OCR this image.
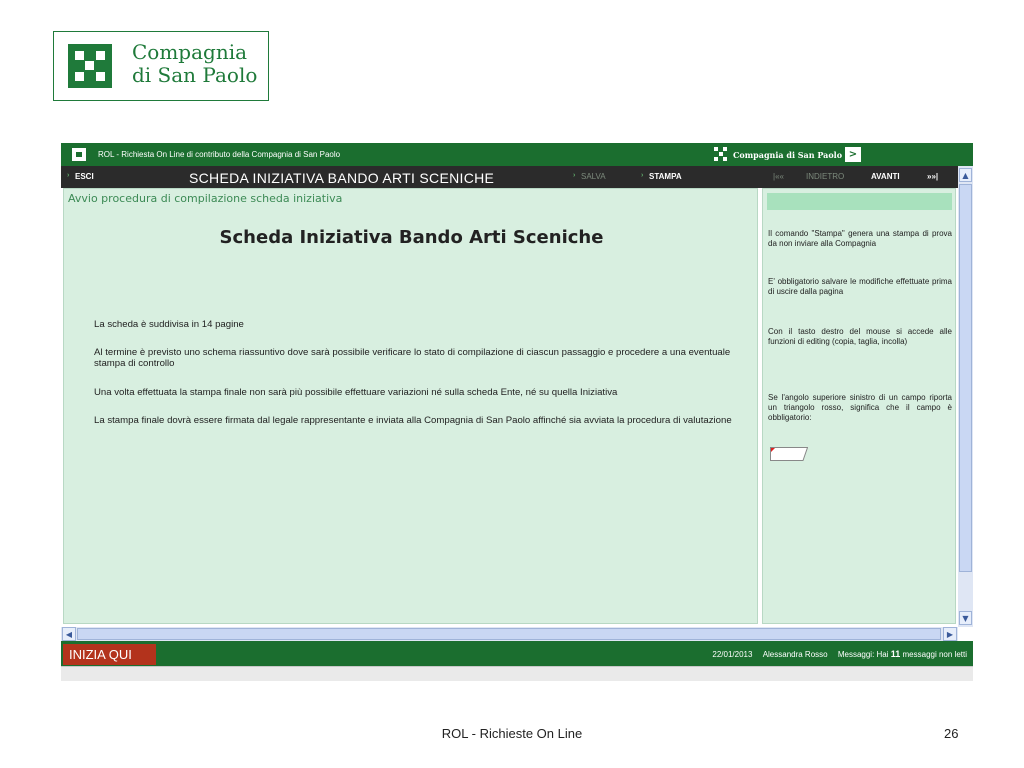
Compagnia
di San Paolo
ROL - Richiesta On Line di contributo della Compagnia di San Paolo	Compagnia di San Paolo >
› ESCI	SCHEDA INIZIATIVA BANDO ARTI SCENICHE	› SALVA	› STAMPA	|««	INDIETRO	AVANTI	»»|	▲
▼
Avvio procedura di compilazione scheda iniziativa
Scheda Iniziativa Bando Arti Sceniche
La scheda è suddivisa in 14 pagine
Al termine è previsto uno schema riassuntivo dove sarà possibile verificare lo stato di compilazione di ciascun passaggio e procedere a una eventuale stampa di controllo
Una volta effettuata la stampa finale non sarà più possibile effettuare variazioni né sulla scheda Ente, né su quella Iniziativa
La stampa finale dovrà essere firmata dal legale rappresentante e inviata alla Compagnia di San Paolo affinché sia avviata la procedura di valutazione
Il comando "Stampa" genera una stampa di prova da non inviare alla Compagnia
E' obbligatorio salvare le modifiche effettuate prima di uscire dalla pagina
Con il tasto destro del mouse si accede alle funzioni di editing (copia, taglia, incolla)
Se l'angolo superiore sinistro di un campo riporta un triangolo rosso, significa che il campo è obbligatorio:
◀	▶
INIZIA QUI	22/01/2013 Alessandra Rosso Messaggi: Hai 11 messaggi non letti
ROL - Richieste On Line	26
